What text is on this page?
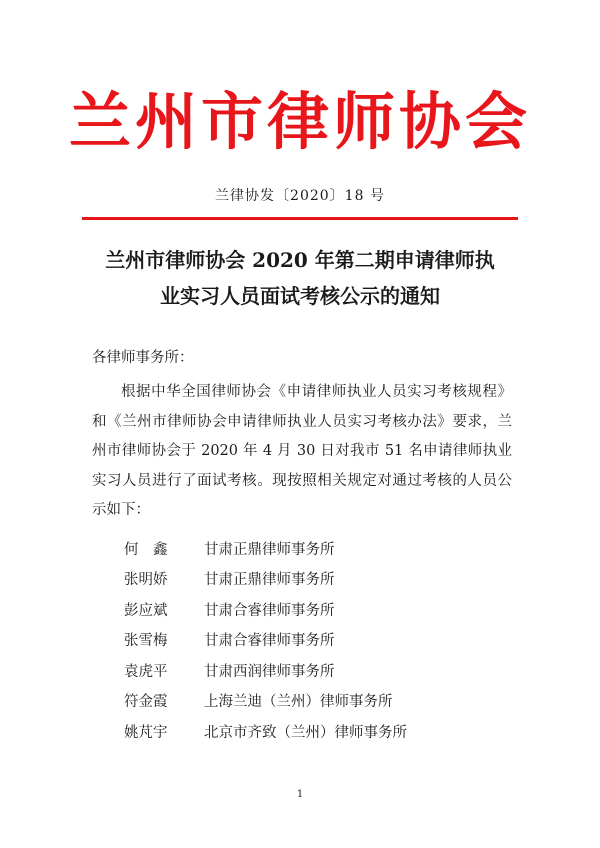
兰州市律师协会

兰律协发〔2020〕18 号

兰州市律师协会 2020 年第二期申请律师执
业实习人员面试考核公示的通知

各律师事务所：

根据中华全国律师协会《申请律师执业人员实习考核规程》和《兰州市律师协会申请律师执业人员实习考核办法》要求，兰州市律师协会于 2020 年 4 月 30 日对我市 51 名申请律师执业实习人员进行了面试考核。现按照相关规定对通过考核的人员公示如下：

何　鑫	甘肃正鼎律师事务所
张明娇	甘肃正鼎律师事务所
彭应斌	甘肃合睿律师事务所
张雪梅	甘肃合睿律师事务所
袁虎平	甘肃西润律师事务所
符金霞	上海兰迪（兰州）律师事务所
姚芃宇	北京市齐致（兰州）律师事务所

1
